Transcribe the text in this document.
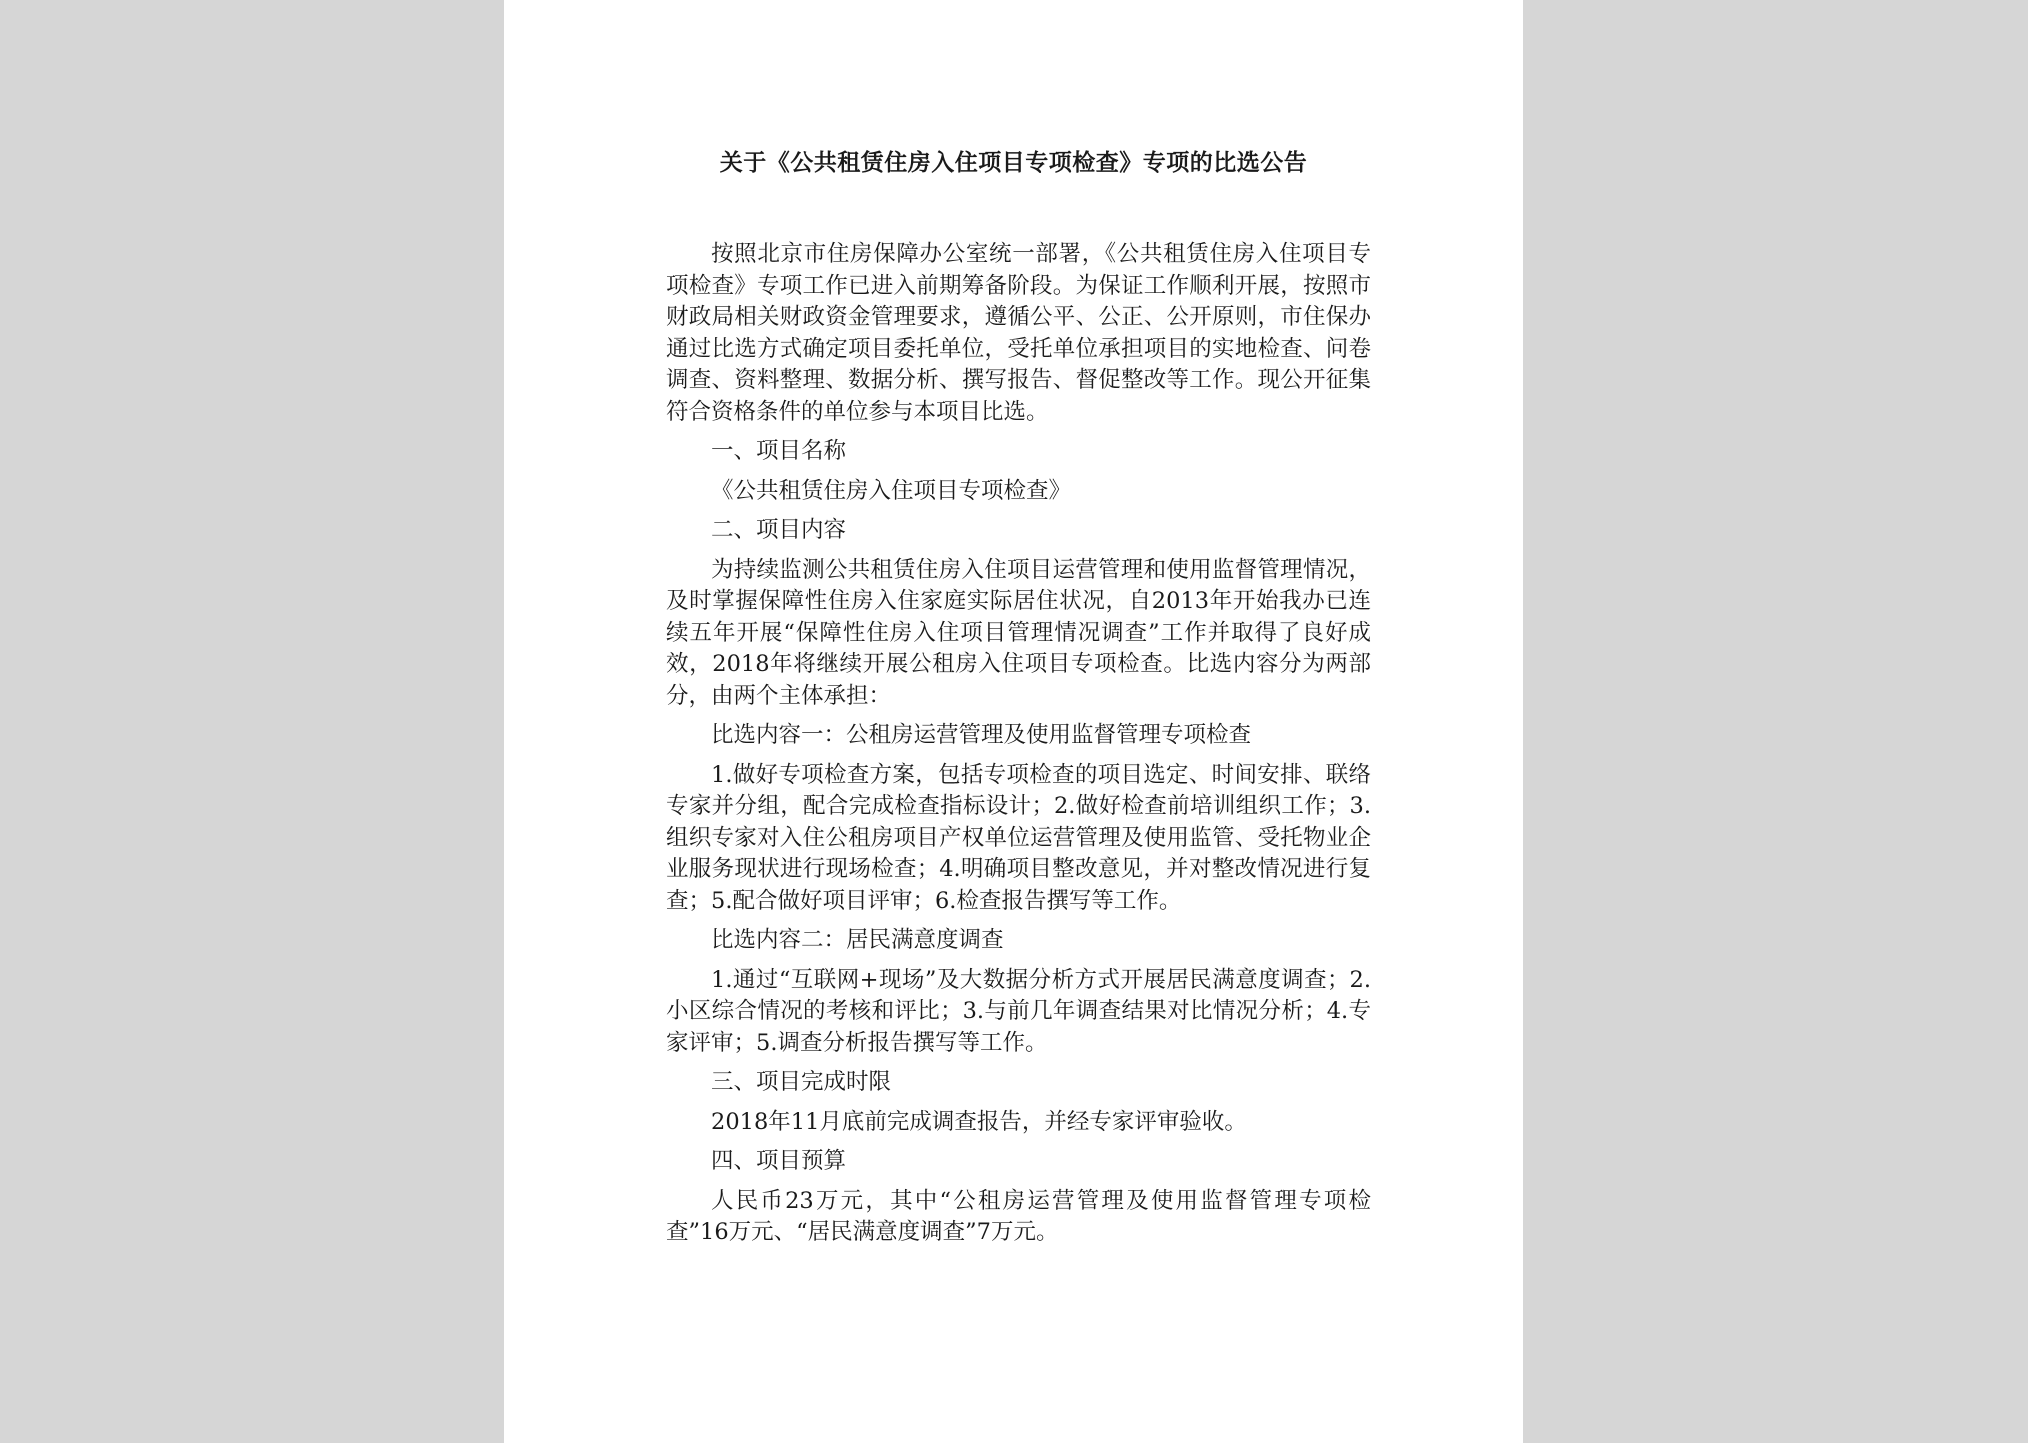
关于《公共租赁住房入住项目专项检查》专项的比选公告

按照北京市住房保障办公室统一部署，《公共租赁住房入住项目专项检查》专项工作已进入前期筹备阶段。为保证工作顺利开展，按照市财政局相关财政资金管理要求，遵循公平、公正、公开原则，市住保办通过比选方式确定项目委托单位，受托单位承担项目的实地检查、问卷调查、资料整理、数据分析、撰写报告、督促整改等工作。现公开征集符合资格条件的单位参与本项目比选。

一、项目名称

《公共租赁住房入住项目专项检查》

二、项目内容

为持续监测公共租赁住房入住项目运营管理和使用监督管理情况，及时掌握保障性住房入住家庭实际居住状况，自2013年开始我办已连续五年开展“保障性住房入住项目管理情况调查”工作并取得了良好成效，2018年将继续开展公租房入住项目专项检查。比选内容分为两部分，由两个主体承担：

比选内容一：公租房运营管理及使用监督管理专项检查

1.做好专项检查方案，包括专项检查的项目选定、时间安排、联络专家并分组，配合完成检查指标设计；2.做好检查前培训组织工作；3.组织专家对入住公租房项目产权单位运营管理及使用监管、受托物业企业服务现状进行现场检查；4.明确项目整改意见，并对整改情况进行复查；5.配合做好项目评审；6.检查报告撰写等工作。

比选内容二：居民满意度调查

1.通过“互联网+现场”及大数据分析方式开展居民满意度调查；2.小区综合情况的考核和评比；3.与前几年调查结果对比情况分析；4.专家评审；5.调查分析报告撰写等工作。

三、项目完成时限

2018年11月底前完成调查报告，并经专家评审验收。

四、项目预算

人民币23万元，其中“公租房运营管理及使用监督管理专项检查”16万元、“居民满意度调查”7万元。
